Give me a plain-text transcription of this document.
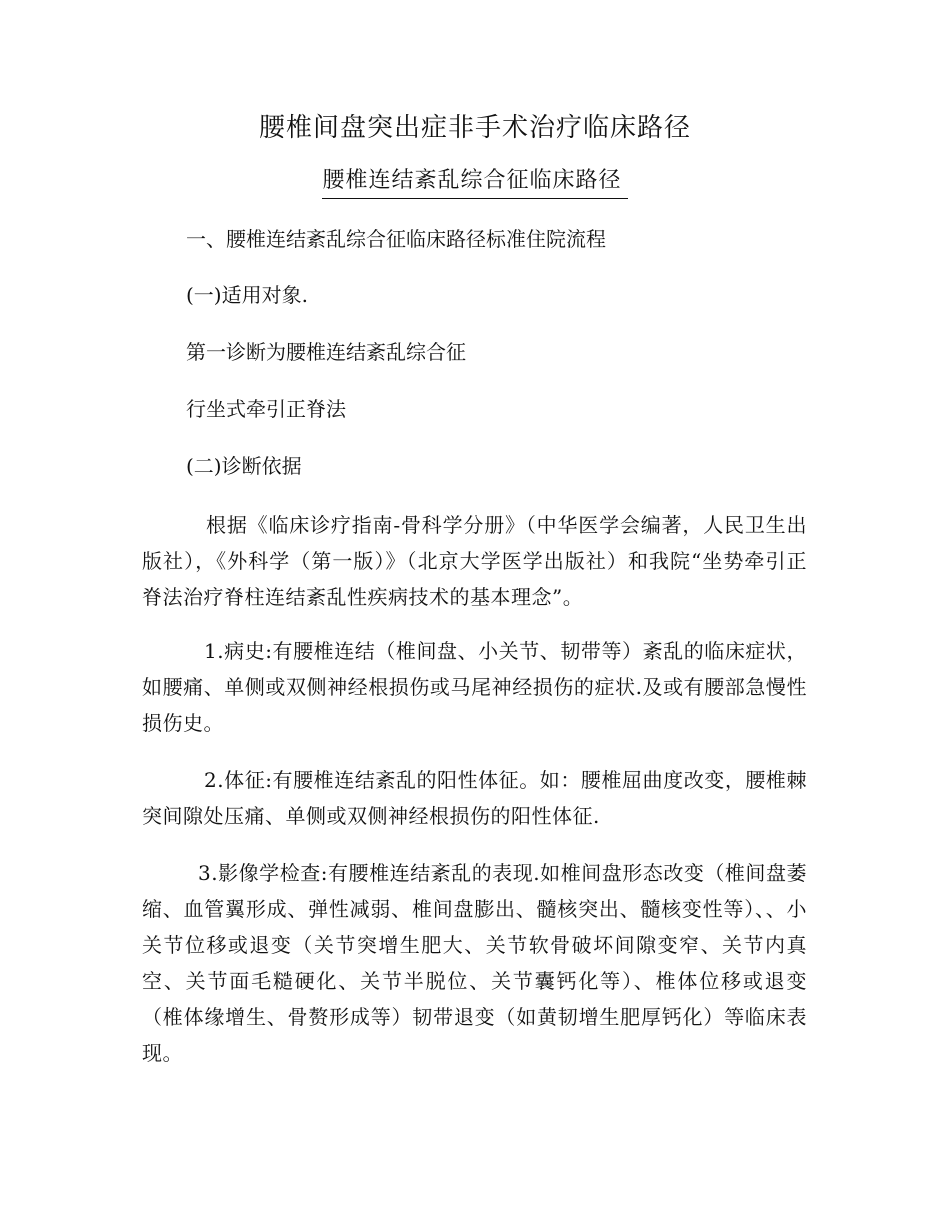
腰椎间盘突出症非手术治疗临床路径
腰椎连结紊乱综合征临床路径
一、腰椎连结紊乱综合征临床路径标准住院流程
(一)适用对象.
第一诊断为腰椎连结紊乱综合征
行坐式牵引正脊法
(二)诊断依据
根据《临床诊疗指南-骨科学分册》（中华医学会编著，人民卫生出版社），《外科学（第一版）》（北京大学医学出版社）和我院“坐势牵引正脊法治疗脊柱连结紊乱性疾病技术的基本理念”。
1.病史:有腰椎连结（椎间盘、小关节、韧带等）紊乱的临床症状，如腰痛、单侧或双侧神经根损伤或马尾神经损伤的症状.及或有腰部急慢性损伤史。
2.体征:有腰椎连结紊乱的阳性体征。如：腰椎屈曲度改变，腰椎棘突间隙处压痛、单侧或双侧神经根损伤的阳性体征.
3.影像学检查:有腰椎连结紊乱的表现.如椎间盘形态改变（椎间盘萎缩、血管翼形成、弹性减弱、椎间盘膨出、髓核突出、髓核变性等）、、小关节位移或退变（关节突增生肥大、关节软骨破坏间隙变窄、关节内真空、关节面毛糙硬化、关节半脱位、关节囊钙化等）、椎体位移或退变（椎体缘增生、骨赘形成等）韧带退变（如黄韧增生肥厚钙化）等临床表现。
